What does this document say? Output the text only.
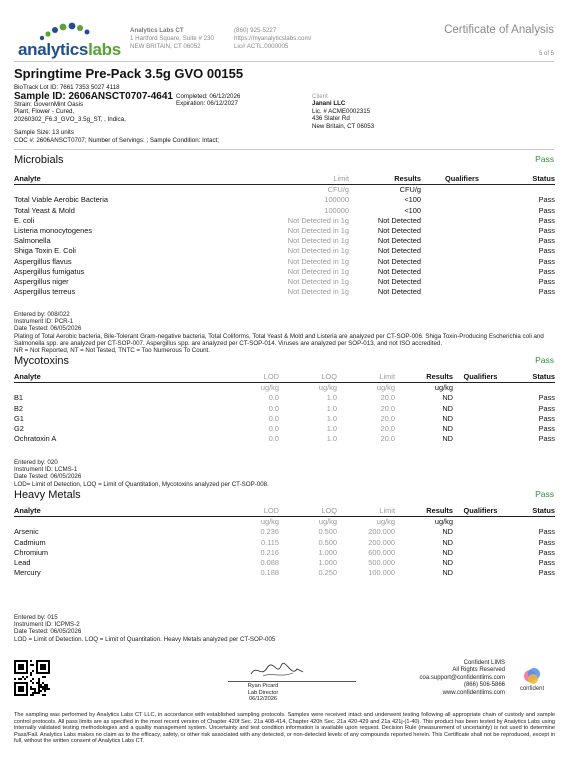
analyticslabs
Analytics Labs CT
1 Hartford Square, Suite # 230
NEW BRITAIN, CT 06052
(860) 925-5227
https://myanalyticslabs.com/
Lic# ACTL.0000005
Certificate of Analysis
5 of 5
Springtime Pre-Pack 3.5g GVO 00155
BioTrack Lot ID: 7661 7353 5027 4118
Sample ID: 2606ANSCT0707-4641
Strain: GovernMint Oasis
Plant, Flower - Cured,
20260302_F6.3_GVO_3.5g_ST, , Indica,
Sample Size: 13 units
COC #: 2606ANSCT0707; Number of Servings: ; Sample Condition: Intact;
Completed: 06/12/2026
Expiration: 06/12/2027
Client
Janani LLC
Lic. # ACME0002315
436 Slater Rd
New Britain, CT 06053
Microbials	Pass
Analyte	Limit	Results	Qualifiers	Status
	CFU/g	CFU/g		
Total Viable Aerobic Bacteria	100000	<100		Pass
Total Yeast & Mold	100000	<100		Pass
E. coli	Not Detected in 1g	Not Detected		Pass
Listeria monocytogenes	Not Detected in 1g	Not Detected		Pass
Salmonella	Not Detected in 1g	Not Detected		Pass
Shiga Toxin E. Coli	Not Detected in 1g	Not Detected		Pass
Aspergillus flavus	Not Detected in 1g	Not Detected		Pass
Aspergillus fumigatus	Not Detected in 1g	Not Detected		Pass
Aspergillus niger	Not Detected in 1g	Not Detected		Pass
Aspergillus terreus	Not Detected in 1g	Not Detected		Pass
Entered by: 008/022
Instrument ID: PCR-1
Date Tested: 06/05/2026
Plating of Total Aerobic bacteria, Bile-Tolerant Gram-negative bacteria, Total Coliforms, Total Yeast & Mold and Listeria are analyzed per CT-SOP-006. Shiga Toxin-Producing Escherichia coli and Salmonella spp. are analyzed per CT-SOP-007. Aspergillus spp. are analyzed per CT-SOP-014. Viruses are analyzed per SOP-013, and not ISO accredited.
NR = Not Reported, NT = Not Tested, TNTC = Too Numerous To Count.
Mycotoxins	Pass
Analyte	LOD	LOQ	Limit	Results	Qualifiers	Status
	ug/kg	ug/kg	ug/kg	ug/kg		
B1	0.0	1.0	20.0	ND		Pass
B2	0.0	1.0	20.0	ND		Pass
G1	0.0	1.0	20.0	ND		Pass
G2	0.0	1.0	20.0	ND		Pass
Ochratoxin A	0.0	1.0	20.0	ND		Pass
Entered by: 020
Instrument ID: LCMS-1
Date Tested: 06/05/2026
LOD= Limit of Detection, LOQ = Limit of Quantitation, Mycotoxins analyzed per CT-SOP-008.
Heavy Metals	Pass
Analyte	LOD	LOQ	Limit	Results	Qualifiers	Status
	ug/kg	ug/kg	ug/kg	ug/kg		
Arsenic	0.236	0.500	200.000	ND		Pass
Cadmium	0.115	0.500	200.000	ND		Pass
Chromium	0.216	1.000	600.000	ND		Pass
Lead	0.088	1.000	500.000	ND		Pass
Mercury	0.188	0.250	100.000	ND		Pass
Entered by: 015
Instrument ID: ICPMS-2
Date Tested: 06/05/2026
LOD = Limit of Detection. LOQ = Limit of Quantitation. Heavy Metals analyzed per CT-SOP-005
Ryan Picard
Lab Director
06/12/2026
Confident LIMS
All Rights Reserved
coa.support@confidentlims.com
(866) 506-5866
www.confidentlims.com
confident
The sampling was performed by Analytics Labs CT LLC, in accordance with established sampling protocols. Samples were received intact and underwent testing following all appropriate chain of custody and sample control protocols. All pass limits are as specified in the most recent version of Chapter 420f Sec. 21a 408-414, Chapter 420h Sec. 21a 420-429 and 21a 421j-(1-40). This product has been tested by Analytics Labs using internally validated testing methodologies and a quality management system. Uncertainty and test condition information is available upon request. Decision Rule (measurement of uncertainty) is not used to determine Pass/Fail. Analytics Labs makes no claim as to the efficacy, safety, or other risk associated with any detected, or non-detected levels of any compounds reported herein. This Certificate shall not be reproduced, except in full, without the written consent of Analytics Labs CT.
